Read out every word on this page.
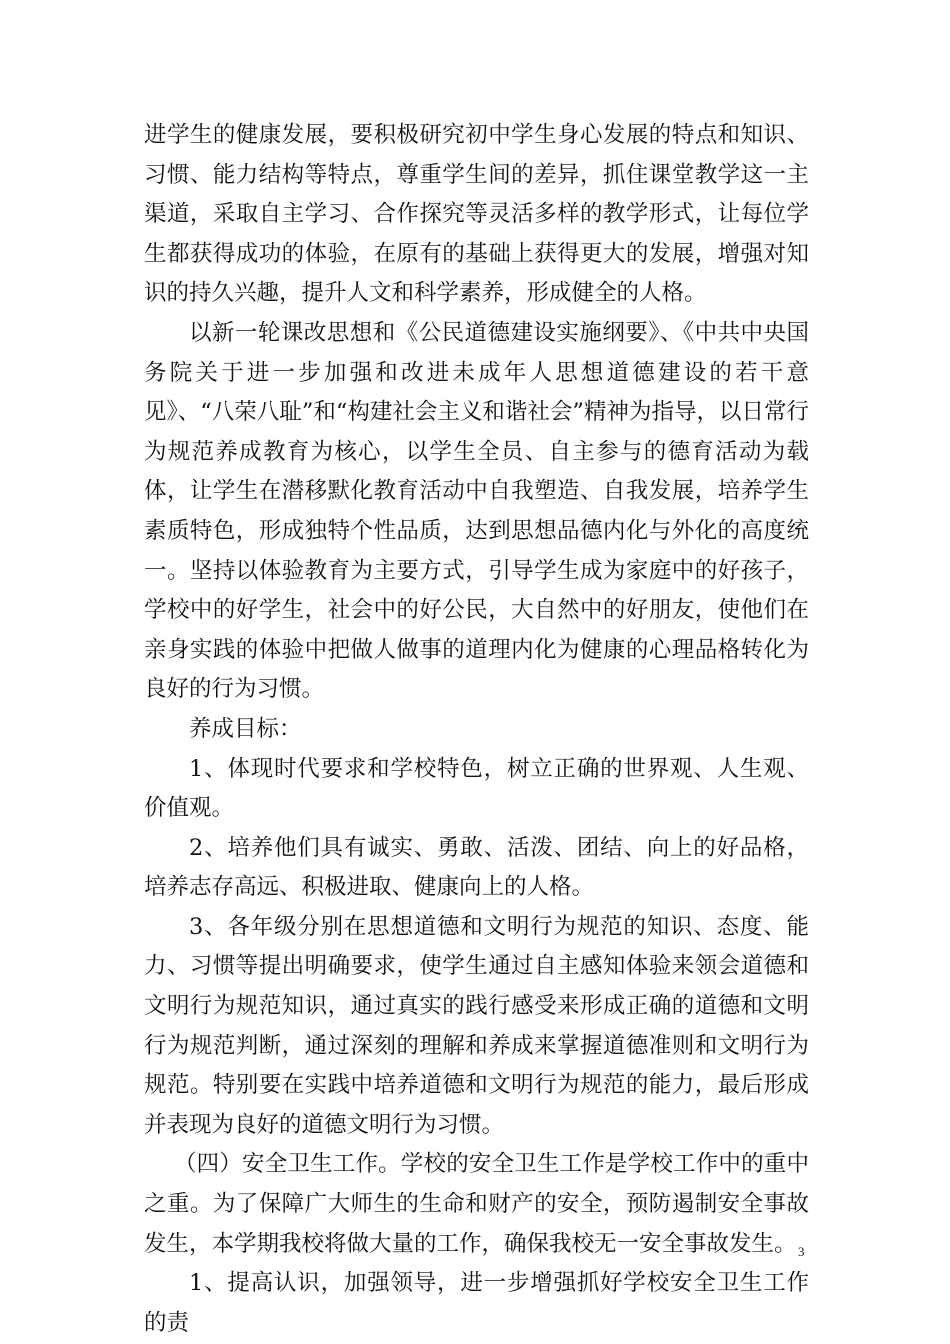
进学生的健康发展，要积极研究初中学生身心发展的特点和知识、习惯、能力结构等特点，尊重学生间的差异，抓住课堂教学这一主渠道，采取自主学习、合作探究等灵活多样的教学形式，让每位学生都获得成功的体验，在原有的基础上获得更大的发展，增强对知识的持久兴趣，提升人文和科学素养，形成健全的人格。

以新一轮课改思想和《公民道德建设实施纲要》、《中共中央国务院关于进一步加强和改进未成年人思想道德建设的若干意见》、“八荣八耻”和“构建社会主义和谐社会”精神为指导，以日常行为规范养成教育为核心，以学生全员、自主参与的德育活动为载体，让学生在潜移默化教育活动中自我塑造、自我发展，培养学生素质特色，形成独特个性品质，达到思想品德内化与外化的高度统一。坚持以体验教育为主要方式，引导学生成为家庭中的好孩子，学校中的好学生，社会中的好公民，大自然中的好朋友，使他们在亲身实践的体验中把做人做事的道理内化为健康的心理品格转化为良好的行为习惯。

养成目标：

1、体现时代要求和学校特色，树立正确的世界观、人生观、价值观。

2、培养他们具有诚实、勇敢、活泼、团结、向上的好品格，培养志存高远、积极进取、健康向上的人格。

3、各年级分别在思想道德和文明行为规范的知识、态度、能力、习惯等提出明确要求，使学生通过自主感知体验来领会道德和文明行为规范知识，通过真实的践行感受来形成正确的道德和文明行为规范判断，通过深刻的理解和养成来掌握道德准则和文明行为规范。特别要在实践中培养道德和文明行为规范的能力，最后形成并表现为良好的道德文明行为习惯。

（四）安全卫生工作。学校的安全卫生工作是学校工作中的重中之重。为了保障广大师生的生命和财产的安全，预防遏制安全事故发生，本学期我校将做大量的工作，确保我校无一安全事故发生。

1、提高认识，加强领导，进一步增强抓好学校安全卫生工作的责

3
